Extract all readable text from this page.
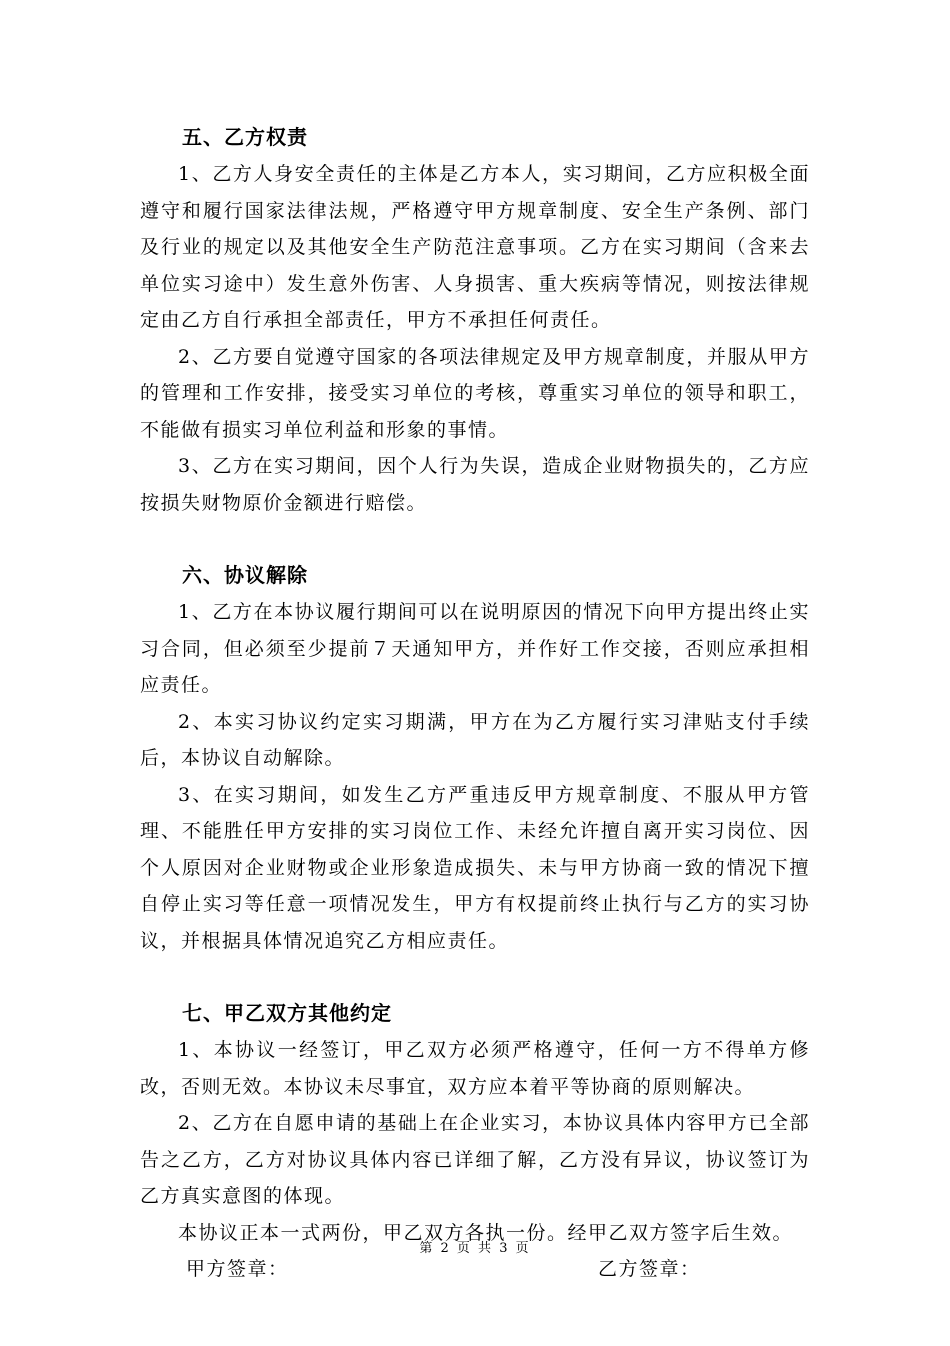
五、乙方权责

1、乙方人身安全责任的主体是乙方本人，实习期间，乙方应积极全面遵守和履行国家法律法规，严格遵守甲方规章制度、安全生产条例、部门及行业的规定以及其他安全生产防范注意事项。乙方在实习期间（含来去单位实习途中）发生意外伤害、人身损害、重大疾病等情况，则按法律规定由乙方自行承担全部责任，甲方不承担任何责任。

2、乙方要自觉遵守国家的各项法律规定及甲方规章制度，并服从甲方的管理和工作安排，接受实习单位的考核，尊重实习单位的领导和职工，不能做有损实习单位利益和形象的事情。

3、乙方在实习期间，因个人行为失误，造成企业财物损失的，乙方应按损失财物原价金额进行赔偿。

六、协议解除

1、乙方在本协议履行期间可以在说明原因的情况下向甲方提出终止实习合同，但必须至少提前７天通知甲方，并作好工作交接，否则应承担相应责任。

2、本实习协议约定实习期满，甲方在为乙方履行实习津贴支付手续后，本协议自动解除。

3、在实习期间，如发生乙方严重违反甲方规章制度、不服从甲方管理、不能胜任甲方安排的实习岗位工作、未经允许擅自离开实习岗位、因个人原因对企业财物或企业形象造成损失、未与甲方协商一致的情况下擅自停止实习等任意一项情况发生，甲方有权提前终止执行与乙方的实习协议，并根据具体情况追究乙方相应责任。

七、甲乙双方其他约定

1、本协议一经签订，甲乙双方必须严格遵守，任何一方不得单方修改，否则无效。本协议未尽事宜，双方应本着平等协商的原则解决。

2、乙方在自愿申请的基础上在企业实习，本协议具体内容甲方已全部告之乙方，乙方对协议具体内容已详细了解，乙方没有异议，协议签订为乙方真实意图的体现。

本协议正本一式两份，甲乙双方各执一份。经甲乙双方签字后生效。

甲方签章：	乙方签章：
第 2 页 共 3 页
